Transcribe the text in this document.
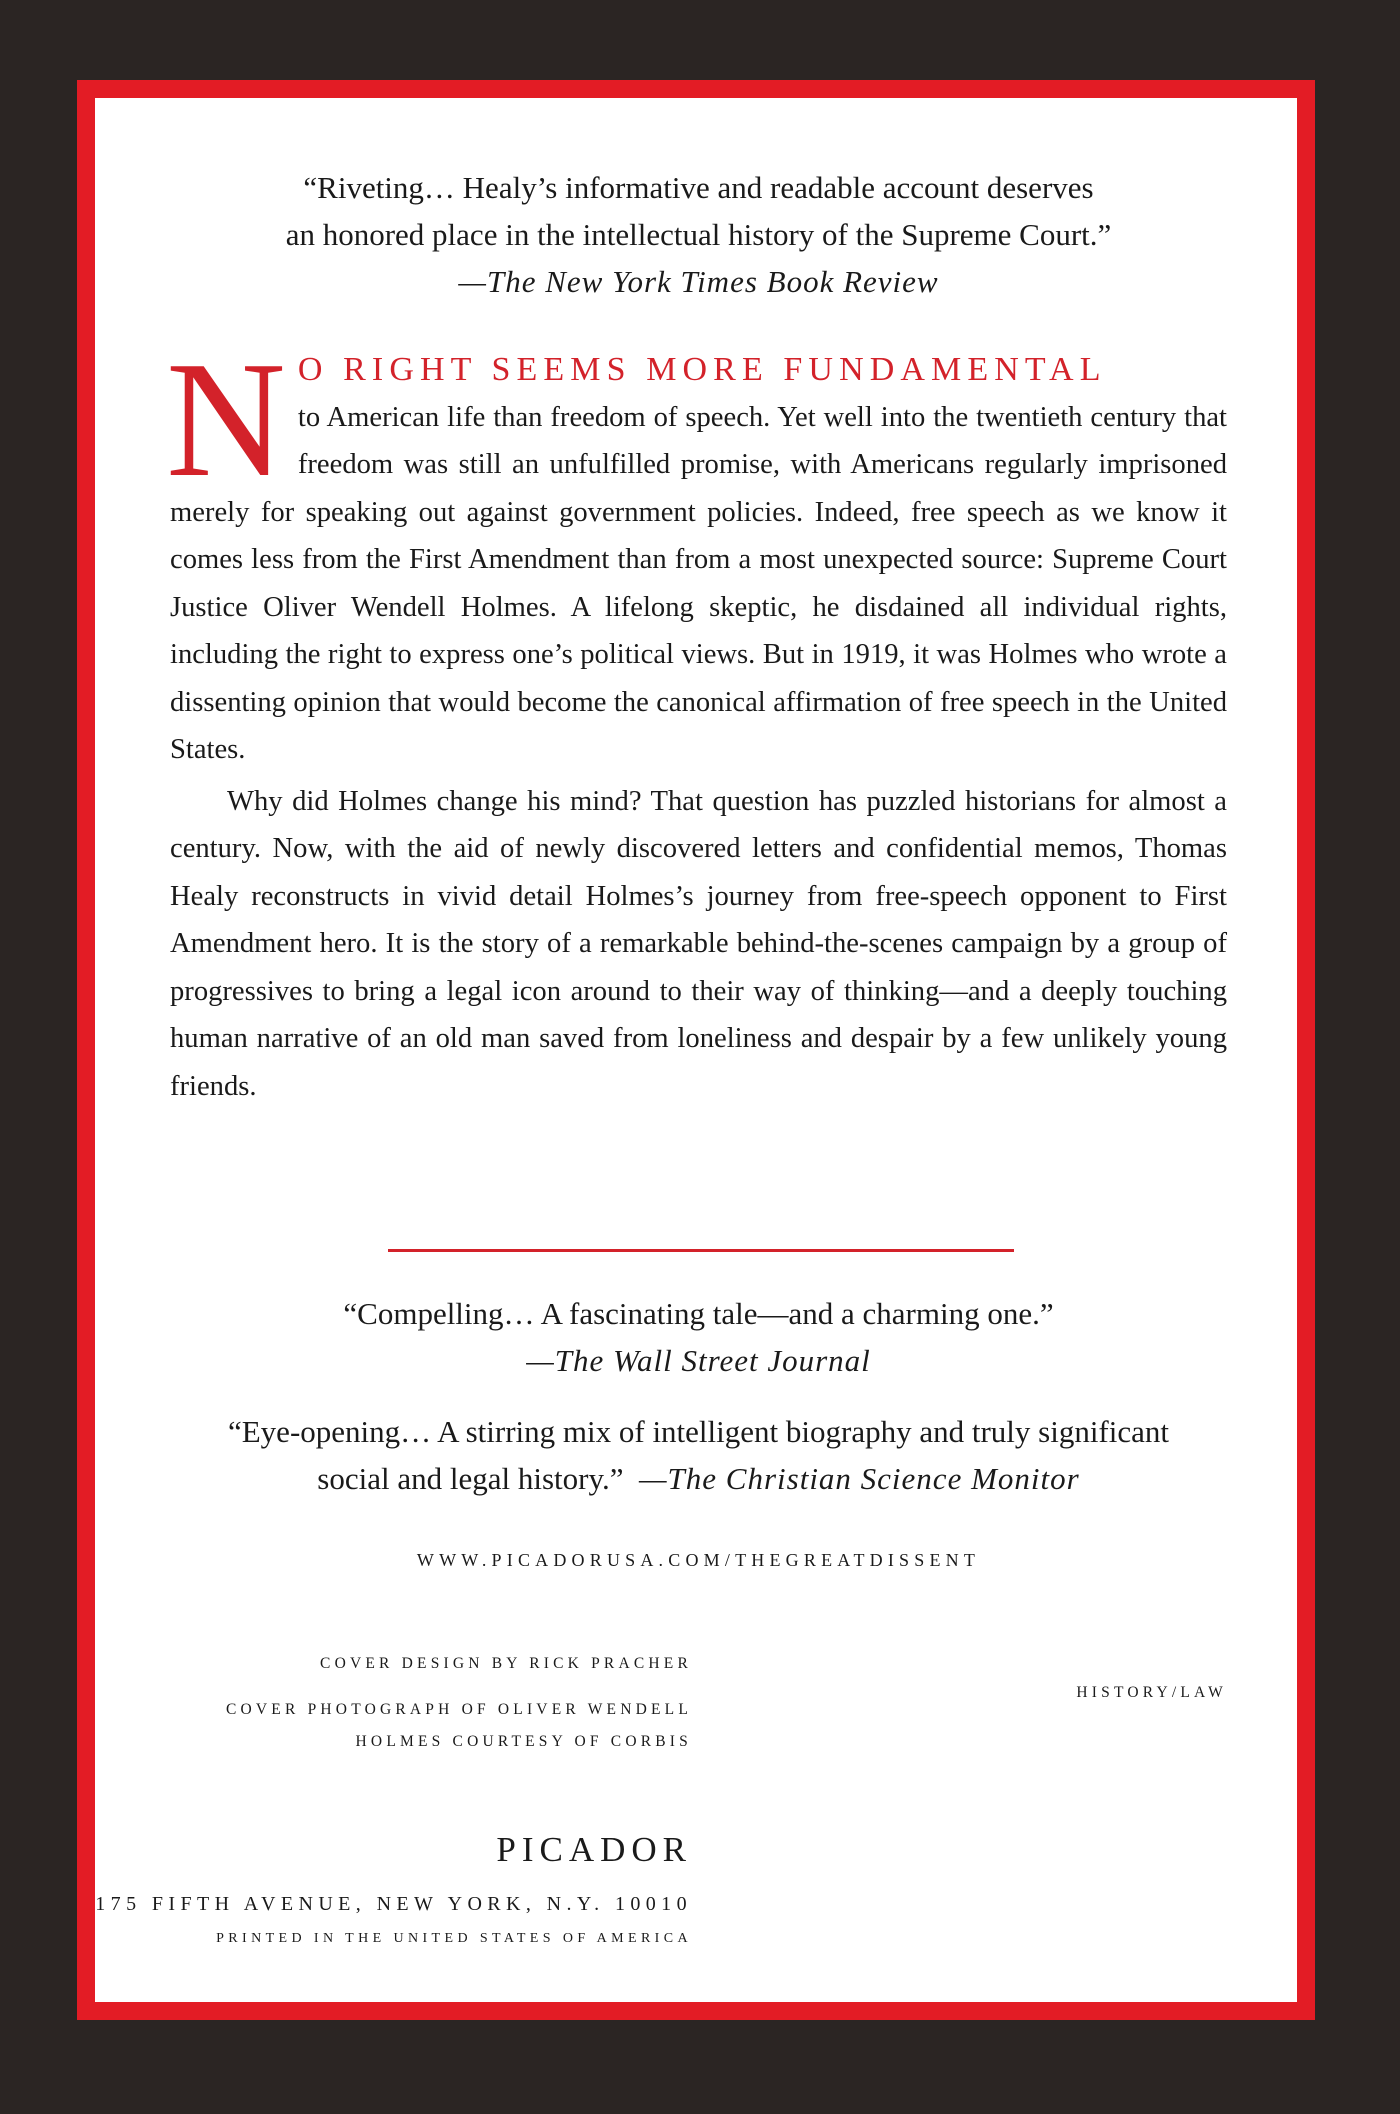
“Riveting… Healy’s informative and readable account deserves

an honored place in the intellectual history of the Supreme Court.”

—The New York Times Book Review

N O RIGHT SEEMS MORE FUNDAMENTAL
to American life than freedom of speech. Yet well into the twentieth century that freedom was still an unfulfilled promise, with Americans regularly imprisoned merely for speaking out against government policies. Indeed, free speech as we know it comes less from the First Amendment than from a most unexpected source: Supreme Court Justice Oliver Wendell Holmes. A lifelong skeptic, he disdained all individual rights, including the right to express one’s political views. But in 1919, it was Holmes who wrote a dissenting opinion that would become the canonical affirmation of free speech in the United States.

Why did Holmes change his mind? That question has puzzled historians for almost a century. Now, with the aid of newly discovered letters and confidential memos, Thomas Healy reconstructs in vivid detail Holmes’s journey from free-speech opponent to First Amendment hero. It is the story of a remarkable behind-the-scenes campaign by a group of progressives to bring a legal icon around to their way of thinking—and a deeply touching human narrative of an old man saved from loneliness and despair by a few unlikely young friends.

“Compelling… A fascinating tale—and a charming one.”

—The Wall Street Journal

“Eye-opening… A stirring mix of intelligent biography and truly significant

social and legal history.” —The Christian Science Monitor

WWW.PICADORUSA.COM/THEGREATDISSENT
COVER DESIGN BY RICK PRACHER
COVER PHOTOGRAPH OF OLIVER WENDELL
HOLMES COURTESY OF CORBIS
HISTORY/LAW
PICADOR
175 FIFTH AVENUE, NEW YORK, N.Y. 10010
PRINTED IN THE UNITED STATES OF AMERICA
